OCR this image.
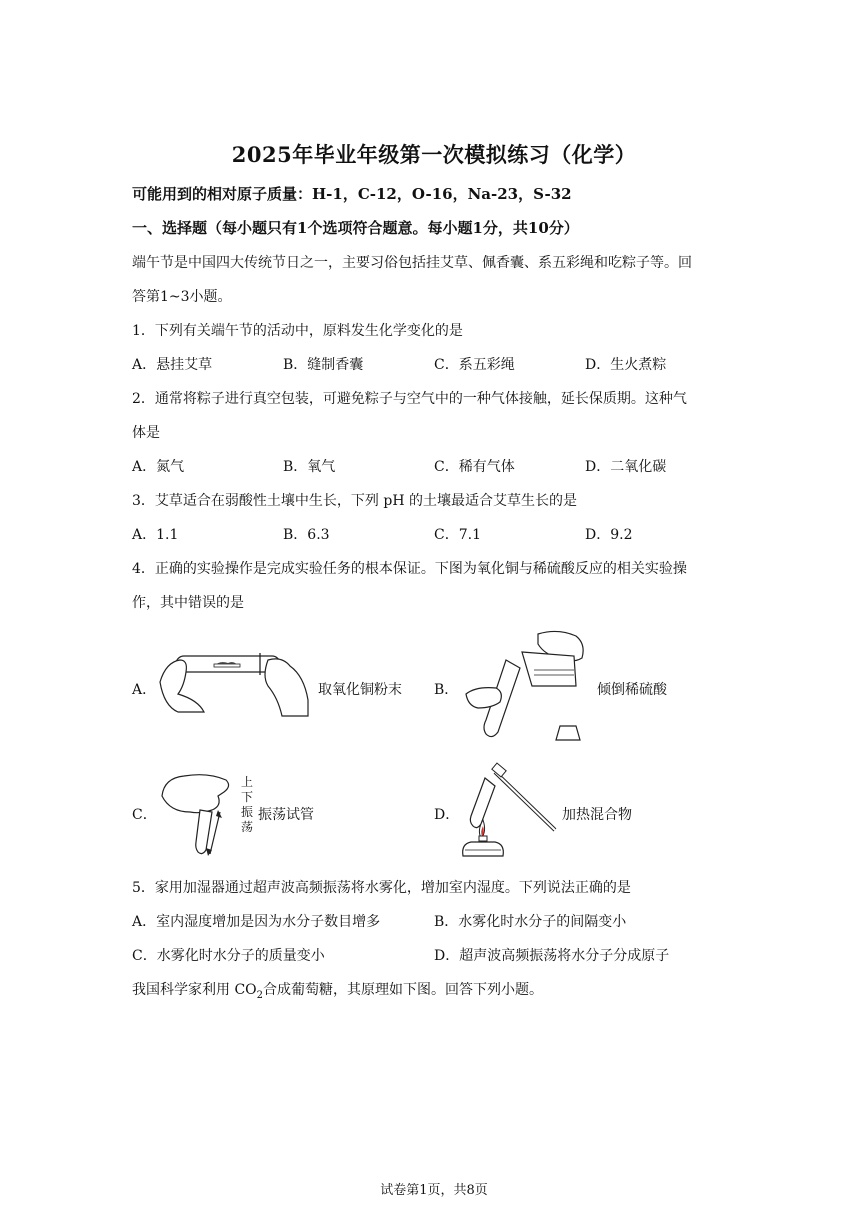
2025年毕业年级第一次模拟练习（化学）
可能用到的相对原子质量：H-1，C-12，O-16，Na-23，S-32
一、选择题（每小题只有1个选项符合题意。每小题1分，共10分）
端午节是中国四大传统节日之一，主要习俗包括挂艾草、佩香囊、系五彩绳和吃粽子等。回
答第1~3小题。
1．下列有关端午节的活动中，原料发生化学变化的是
A．悬挂艾草	B．缝制香囊	C．系五彩绳	D．生火煮粽
2．通常将粽子进行真空包装，可避免粽子与空气中的一种气体接触，延长保质期。这种气
体是
A．氮气	B．氧气	C．稀有气体	D．二氧化碳
3．艾草适合在弱酸性土壤中生长，下列 pH 的土壤最适合艾草生长的是
A．1.1	B．6.3	C．7.1	D．9.2
4．正确的实验操作是完成实验任务的根本保证。下图为氧化铜与稀硫酸反应的相关实验操
作，其中错误的是
A．	取氧化铜粉末 B．	倾倒稀硫酸
C．
上
下
振
荡
振荡试管	D．	加热混合物
5．家用加湿器通过超声波高频振荡将水雾化，增加室内湿度。下列说法正确的是
A．室内湿度增加是因为水分子数目增多	B．水雾化时水分子的间隔变小
C．水雾化时水分子的质量变小	D．超声波高频振荡将水分子分成原子
我国科学家利用 $CO_2$合成葡萄糖，其原理如下图。回答下列小题。
试卷第1页，共8页
